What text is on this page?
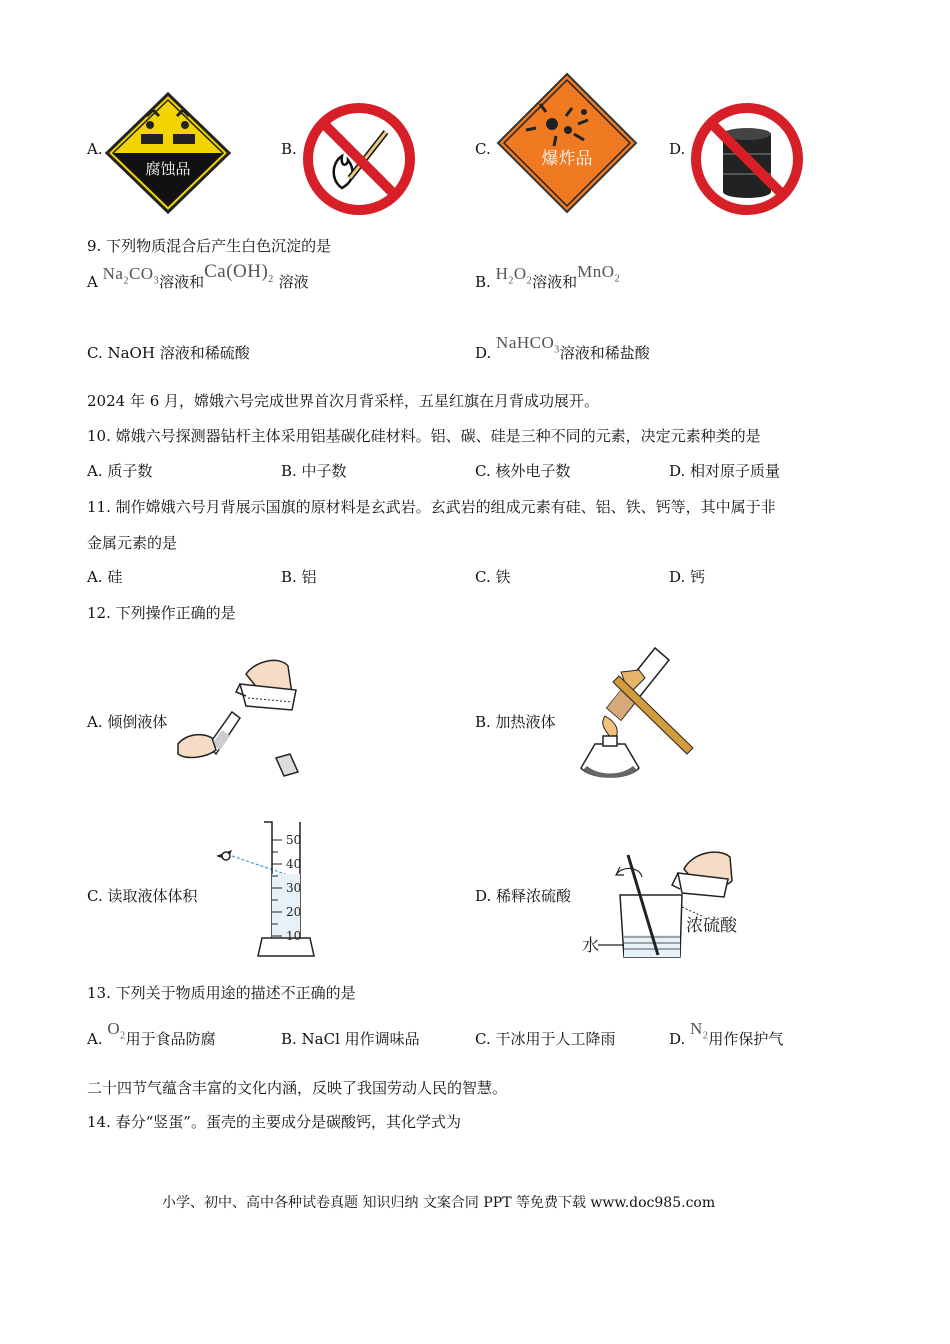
A.
腐蚀品
B.	C.	爆炸品	D.
9. 下列物质混合后产生白色沉淀的是
A $Na_2CO_3$溶液和$Ca(OH)_2$ 溶液	B. $H_2O_2$溶液和MnO$_2$
C. NaOH 溶液和稀硫酸	D. NaHCO$_3$溶液和稀盐酸
2024 年 6 月，嫦娥六号完成世界首次月背采样，五星红旗在月背成功展开。
10. 嫦娥六号探测器钻杆主体采用铝基碳化硅材料。铝、碳、硅是三种不同的元素，决定元素种类的是
A. 质子数	B. 中子数	C. 核外电子数	D. 相对原子质量
11. 制作嫦娥六号月背展示国旗的原材料是玄武岩。玄武岩的组成元素有硅、铝、铁、钙等，其中属于非
金属元素的是
A. 硅	B. 铝	C. 铁	D. 钙
12. 下列操作正确的是
A. 倾倒液体	B. 加热液体
C. 读取液体体积
50
40
30
20
10
D. 稀释浓硫酸
水
浓硫酸
13. 下列关于物质用途的描述不正确的是
A. $O_2$用于食品防腐	B. NaCl 用作调味品	C. 干冰用于人工降雨	D. $N_2$用作保护气
二十四节气蕴含丰富的文化内涵，反映了我国劳动人民的智慧。
14. 春分“竖蛋”。蛋壳的主要成分是碳酸钙，其化学式为
小学、初中、高中各种试卷真题 知识归纳 文案合同 PPT 等免费下载 www.doc985.com
